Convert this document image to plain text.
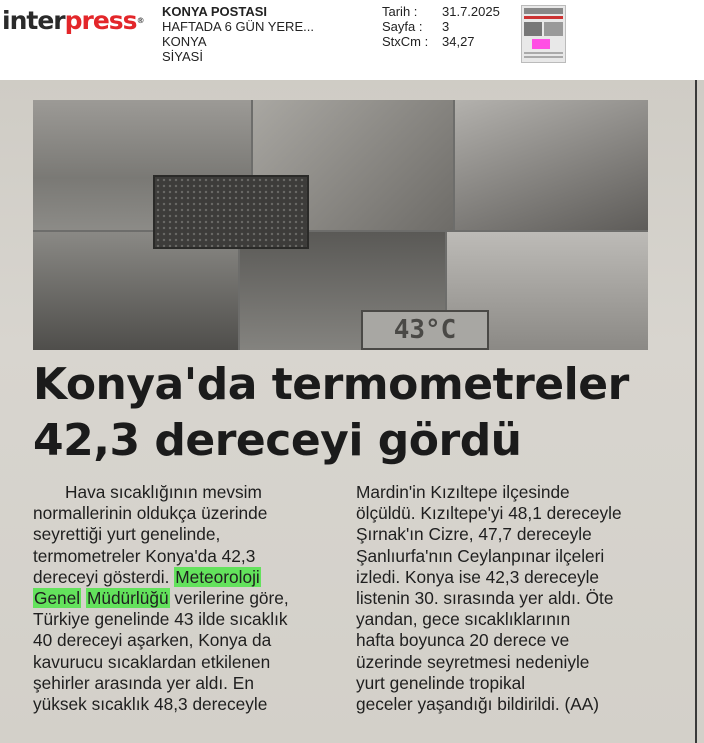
interpress®
KONYA POSTASI
HAFTADA 6 GÜN YERE...
KONYA
SİYASİ
Tarih :	31.7.2025
Sayfa :	3
StxCm :	34,27
43°C
Konya'da termometreler
42,3 dereceyi gördü

Hava sıcaklığının mevsim
normallerinin oldukça üzerinde
seyrettiği yurt genelinde,
termometreler Konya'da 42,3
dereceyi gösterdi. Meteoroloji
Genel Müdürlüğü verilerine göre,
Türkiye genelinde 43 ilde sıcaklık
40 dereceyi aşarken, Konya da
kavurucu sıcaklardan etkilenen
şehirler arasında yer aldı. En
yüksek sıcaklık 48,3 dereceyle

Mardin'in Kızıltepe ilçesinde
ölçüldü. Kızıltepe'yi 48,1 dereceyle
Şırnak'ın Cizre, 47,7 dereceyle
Şanlıurfa'nın Ceylanpınar ilçeleri
izledi. Konya ise 42,3 dereceyle
listenin 30. sırasında yer aldı. Öte
yandan, gece sıcaklıklarının
hafta boyunca 20 derece ve
üzerinde seyretmesi nedeniyle
yurt genelinde tropikal
geceler yaşandığı bildirildi. (AA)
